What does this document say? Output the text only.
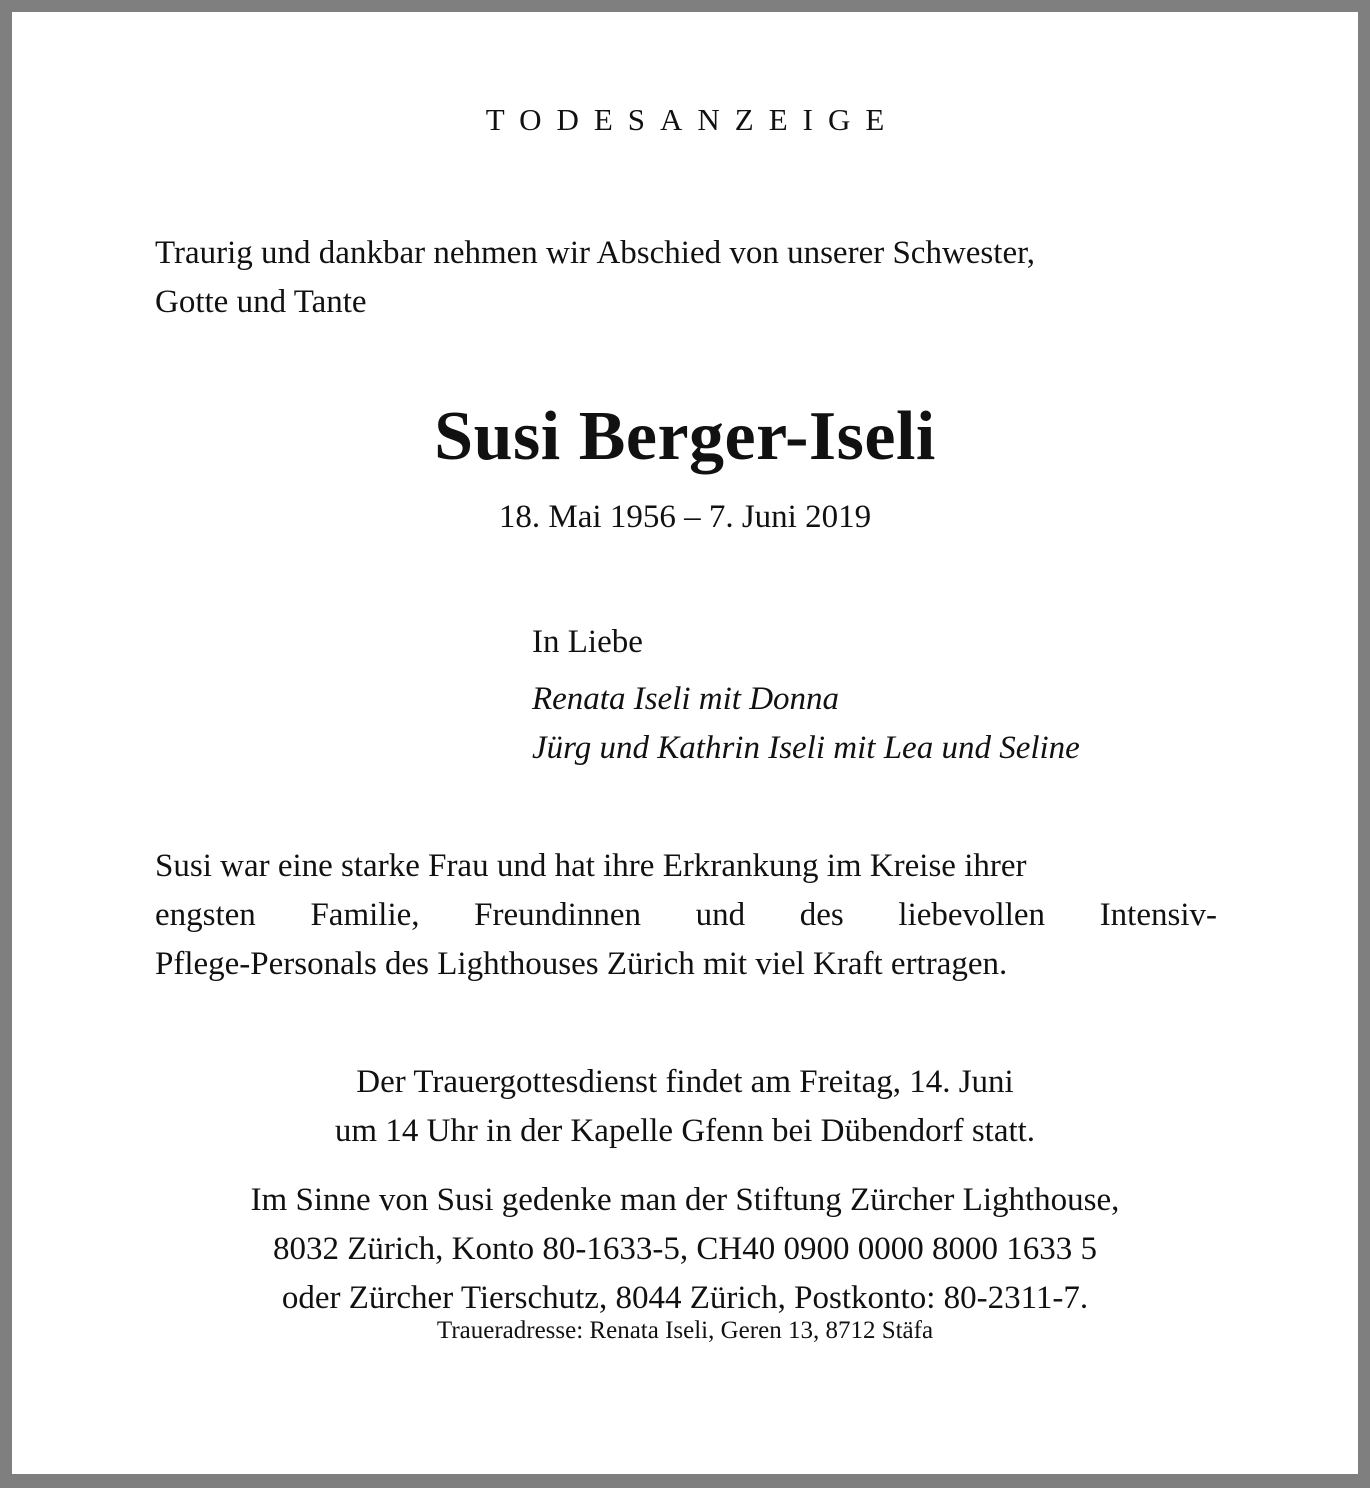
TODESANZEIGE
Traurig und dankbar nehmen wir Abschied von unserer Schwester,
Gotte und Tante
Susi Berger-Iseli
18. Mai 1956 – 7. Juni 2019
In Liebe
Renata Iseli mit Donna
Jürg und Kathrin Iseli mit Lea und Seline
Susi war eine starke Frau und hat ihre Erkrankung im Kreise ihrer
engsten Familie, Freundinnen und des liebevollen Intensiv-
Pflege-Personals des Lighthouses Zürich mit viel Kraft ertragen.
Der Trauergottesdienst findet am Freitag, 14. Juni
um 14 Uhr in der Kapelle Gfenn bei Dübendorf statt.
Im Sinne von Susi gedenke man der Stiftung Zürcher Lighthouse,
8032 Zürich, Konto 80-1633-5, CH40 0900 0000 8000 1633 5
oder Zürcher Tierschutz, 8044 Zürich, Postkonto: 80-2311-7.
Traueradresse: Renata Iseli, Geren 13, 8712 Stäfa
